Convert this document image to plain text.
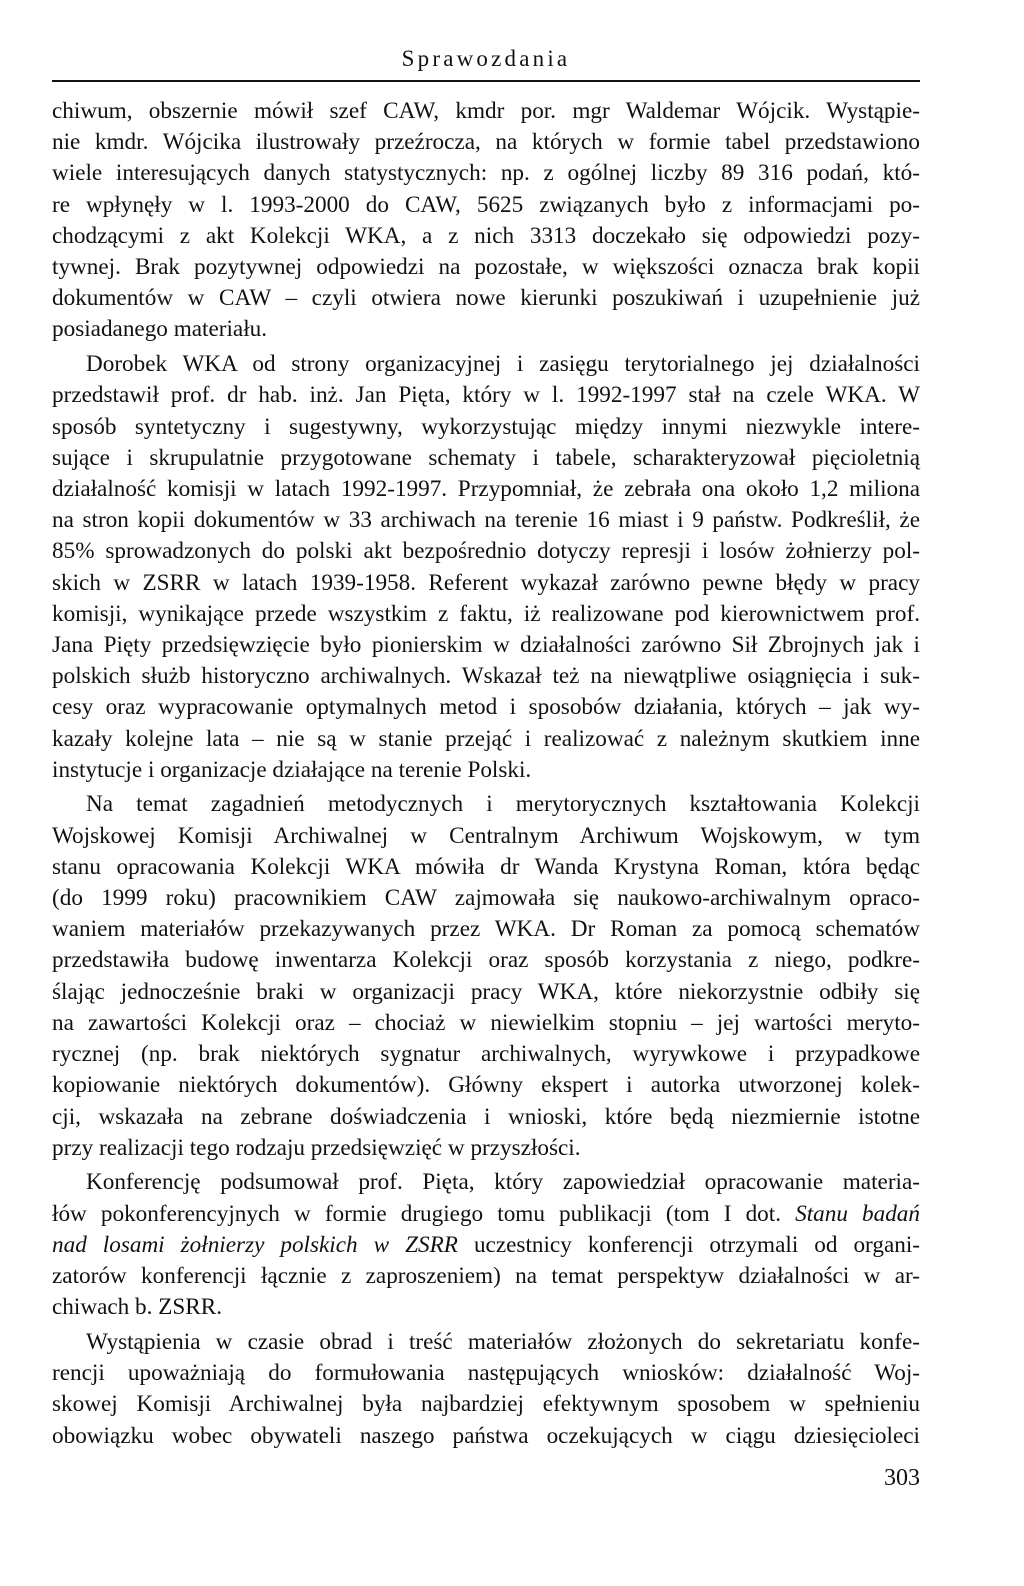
Sprawozdania
chiwum, obszernie mówił szef CAW, kmdr por. mgr Waldemar Wójcik. Wystąpie-
nie kmdr. Wójcika ilustrowały przeźrocza, na których w formie tabel przedstawiono
wiele interesujących danych statystycznych: np. z ogólnej liczby 89 316 podań, któ-
re wpłynęły w l. 1993-2000 do CAW, 5625 związanych było z informacjami po-
chodzącymi z akt Kolekcji WKA, a z nich 3313 doczekało się odpowiedzi pozy-
tywnej. Brak pozytywnej odpowiedzi na pozostałe, w większości oznacza brak kopii
dokumentów w CAW – czyli otwiera nowe kierunki poszukiwań i uzupełnienie już
posiadanego materiału.
Dorobek WKA od strony organizacyjnej i zasięgu terytorialnego jej działalności
przedstawił prof. dr hab. inż. Jan Pięta, który w l. 1992-1997 stał na czele WKA. W
sposób syntetyczny i sugestywny, wykorzystując między innymi niezwykle intere-
sujące i skrupulatnie przygotowane schematy i tabele, scharakteryzował pięcioletnią
działalność komisji w latach 1992-1997. Przypomniał, że zebrała ona około 1,2 miliona
na stron kopii dokumentów w 33 archiwach na terenie 16 miast i 9 państw. Podkreślił, że
85% sprowadzonych do polski akt bezpośrednio dotyczy represji i losów żołnierzy pol-
skich w ZSRR w latach 1939-1958. Referent wykazał zarówno pewne błędy w pracy
komisji, wynikające przede wszystkim z faktu, iż realizowane pod kierownictwem prof.
Jana Pięty przedsięwzięcie było pionierskim w działalności zarówno Sił Zbrojnych jak i
polskich służb historyczno archiwalnych. Wskazał też na niewątpliwe osiągnięcia i suk-
cesy oraz wypracowanie optymalnych metod i sposobów działania, których – jak wy-
kazały kolejne lata – nie są w stanie przejąć i realizować z należnym skutkiem inne
instytucje i organizacje działające na terenie Polski.
Na temat zagadnień metodycznych i merytorycznych kształtowania Kolekcji
Wojskowej Komisji Archiwalnej w Centralnym Archiwum Wojskowym, w tym
stanu opracowania Kolekcji WKA mówiła dr Wanda Krystyna Roman, która będąc
(do 1999 roku) pracownikiem CAW zajmowała się naukowo-archiwalnym opraco-
waniem materiałów przekazywanych przez WKA. Dr Roman za pomocą schematów
przedstawiła budowę inwentarza Kolekcji oraz sposób korzystania z niego, podkre-
ślając jednocześnie braki w organizacji pracy WKA, które niekorzystnie odbiły się
na zawartości Kolekcji oraz – chociaż w niewielkim stopniu – jej wartości meryto-
rycznej (np. brak niektórych sygnatur archiwalnych, wyrywkowe i przypadkowe
kopiowanie niektórych dokumentów). Główny ekspert i autorka utworzonej kolek-
cji, wskazała na zebrane doświadczenia i wnioski, które będą niezmiernie istotne
przy realizacji tego rodzaju przedsięwzięć w przyszłości.
Konferencję podsumował prof. Pięta, który zapowiedział opracowanie materia-
łów pokonferencyjnych w formie drugiego tomu publikacji (tom I dot. Stanu badań
nad losami żołnierzy polskich w ZSRR uczestnicy konferencji otrzymali od organi-
zatorów konferencji łącznie z zaproszeniem) na temat perspektyw działalności w ar-
chiwach b. ZSRR.
Wystąpienia w czasie obrad i treść materiałów złożonych do sekretariatu konfe-
rencji upoważniają do formułowania następujących wniosków: działalność Woj-
skowej Komisji Archiwalnej była najbardziej efektywnym sposobem w spełnieniu
obowiązku wobec obywateli naszego państwa oczekujących w ciągu dziesięcioleci
303
